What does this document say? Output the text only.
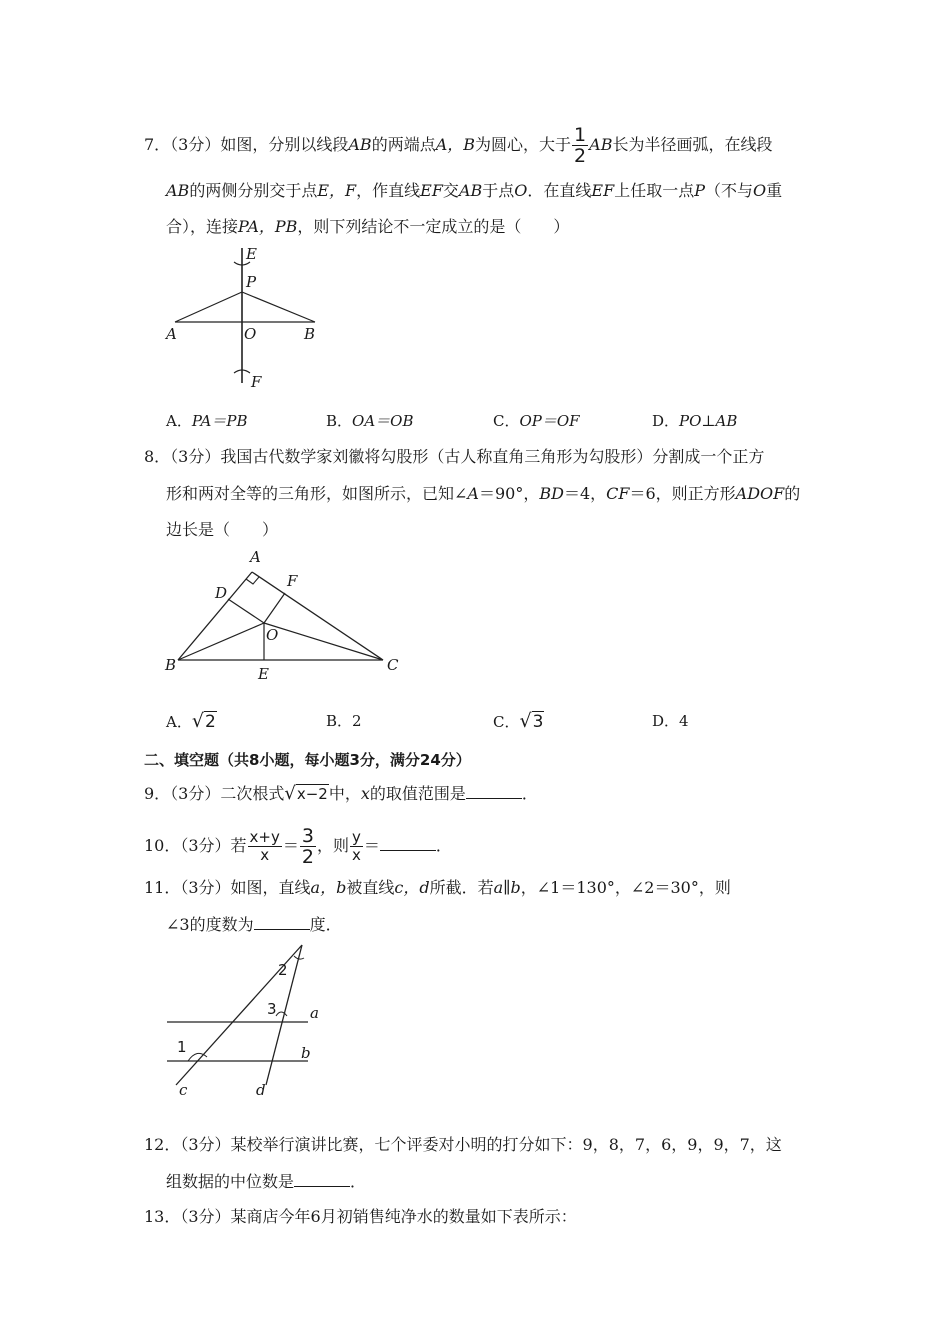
7．（3分）如图，分别以线段AB的两端点A，B为圆心，大于 $\frac{1}{2}$ AB长为半径画弧，在线段
AB的两侧分别交于点E，F，作直线EF交AB于点O．在直线EF上任取一点P（不与O重
合），连接PA，PB，则下列结论不一定成立的是（　　）
E
P
A	O	B
F
A．PA＝PB	B．OA＝OB	C．OP＝OF	D．PO⊥AB
8．（3分）我国古代数学家刘徽将勾股形（古人称直角三角形为勾股形）分割成一个正方
形和两对全等的三角形，如图所示，已知∠A＝90°，BD＝4，CF＝6，则正方形ADOF的
边长是（　　）
A
D
F
O
B	E	C
A．√2	B．2	C．√3	D．4
二、填空题（共8小题，每小题3分，满分24分）
9．（3分）二次根式√x−2中，x的取值范围是	．
10．（3分）若 $\frac{x+y}{x} = \frac{3}{2}$ ，则 $\frac{y}{x}$ ＝	．
11．（3分）如图，直线a，b被直线c，d所截．若a∥b，∠1＝130°，∠2＝30°，则
∠3的度数为	度．
2
3 a
1	b
c	d
12．（3分）某校举行演讲比赛，七个评委对小明的打分如下：9，8，7，6，9，9，7，这
组数据的中位数是	．
13．（3分）某商店今年6月初销售纯净水的数量如下表所示：
